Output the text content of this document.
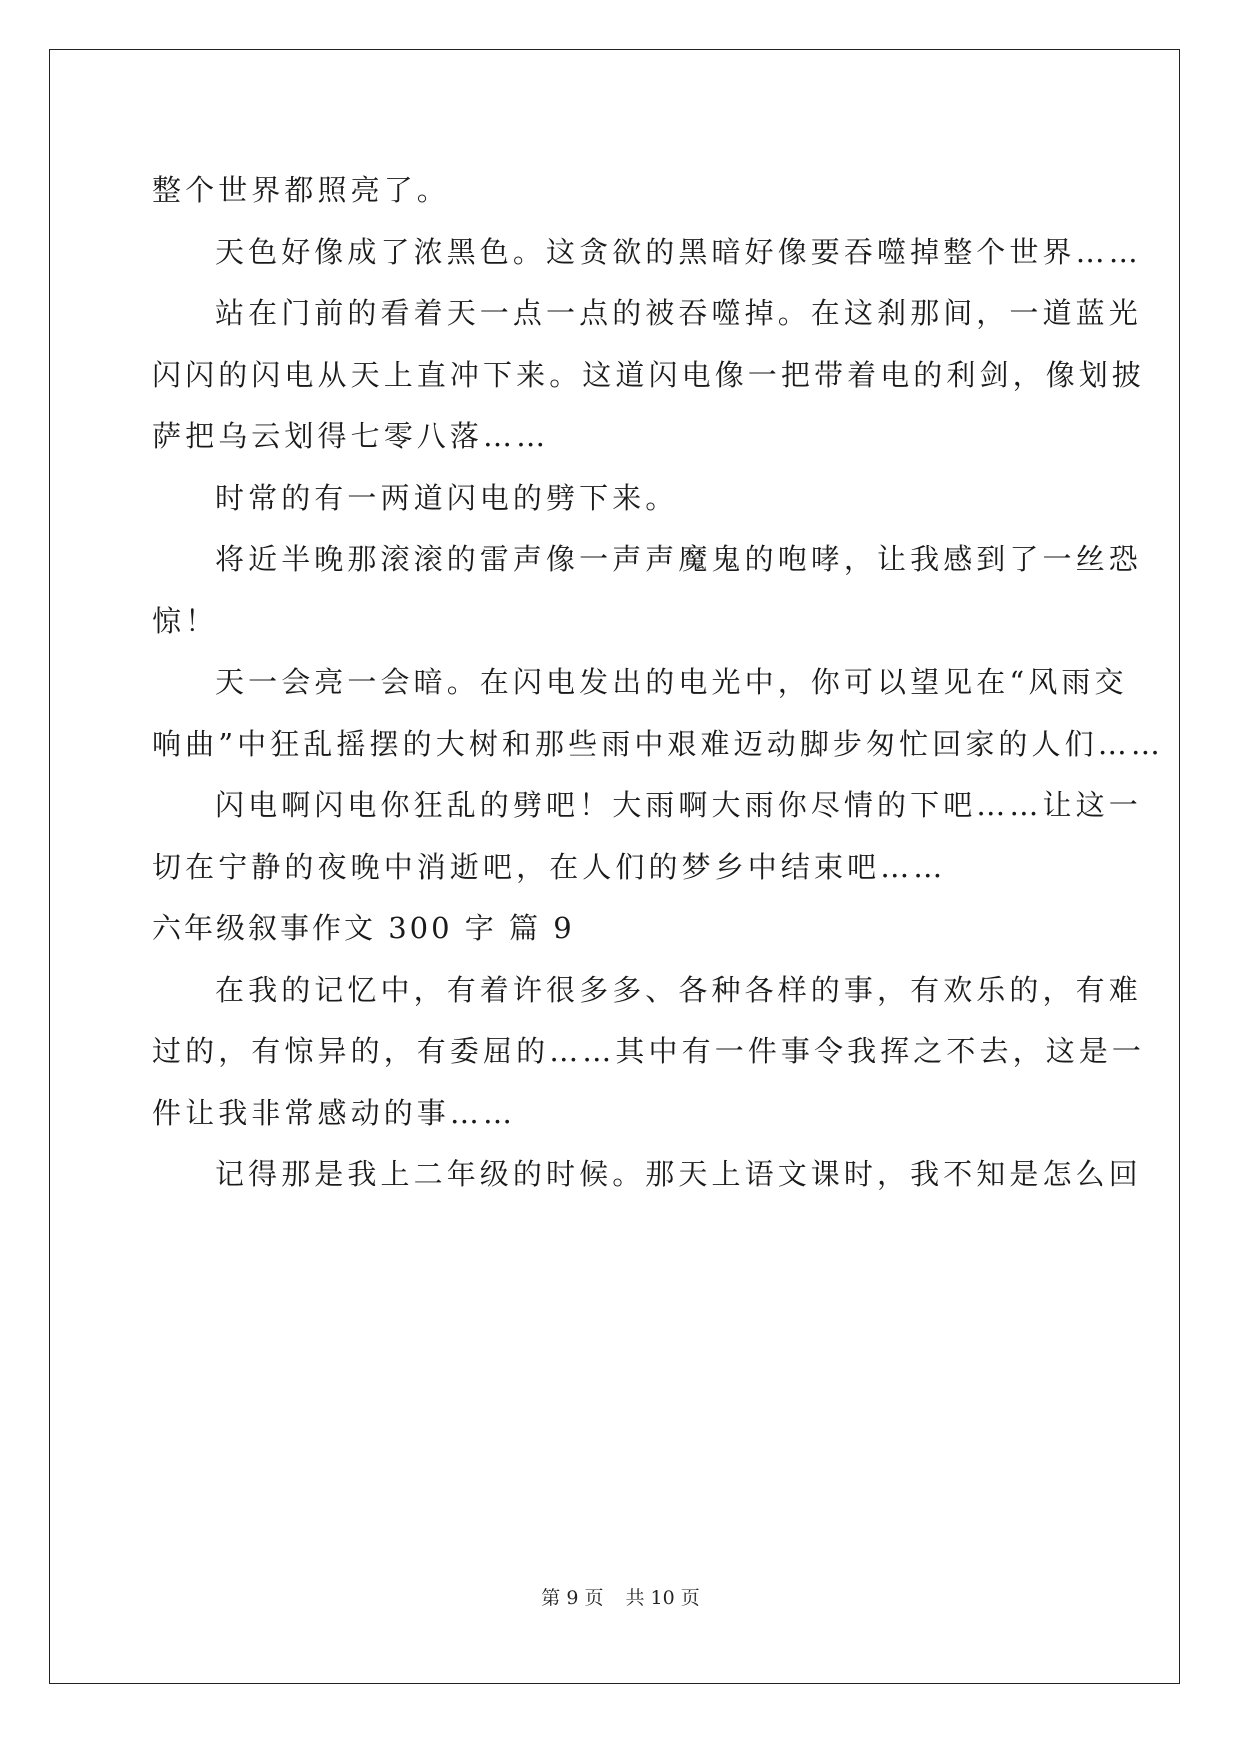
整个世界都照亮了。
天色好像成了浓黑色。这贪欲的黑暗好像要吞噬掉整个世界……
站在门前的看着天一点一点的被吞噬掉。在这刹那间，一道蓝光
闪闪的闪电从天上直冲下来。这道闪电像一把带着电的利剑，像划披
萨把乌云划得七零八落……
时常的有一两道闪电的劈下来。
将近半晚那滚滚的雷声像一声声魔鬼的咆哮，让我感到了一丝恐
惊！
天一会亮一会暗。在闪电发出的电光中，你可以望见在“风雨交
响曲”中狂乱摇摆的大树和那些雨中艰难迈动脚步匆忙回家的人们……
闪电啊闪电你狂乱的劈吧！大雨啊大雨你尽情的下吧……让这一
切在宁静的夜晚中消逝吧，在人们的梦乡中结束吧……
六年级叙事作文 300 字 篇 9
在我的记忆中，有着许很多多、各种各样的事，有欢乐的，有难
过的，有惊异的，有委屈的……其中有一件事令我挥之不去，这是一
件让我非常感动的事……
记得那是我上二年级的时候。那天上语文课时，我不知是怎么回
第 9 页 共 10 页
